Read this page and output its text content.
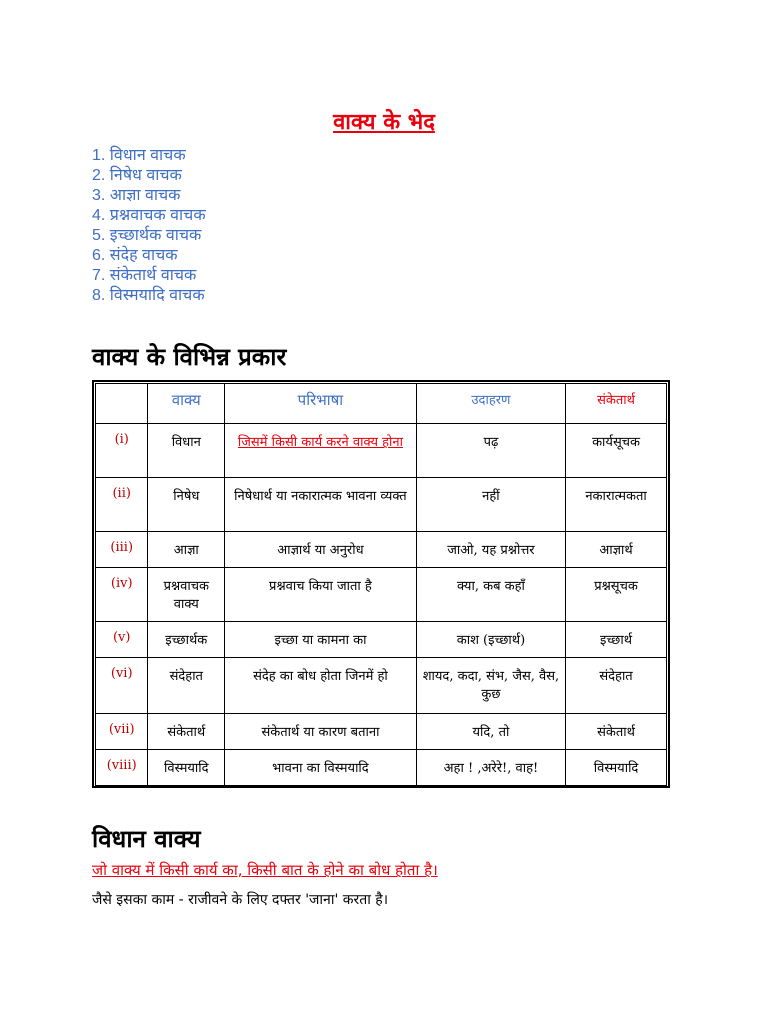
वाक्य के भेद
1. विधान वाचक
2. निषेध वाचक
3. आज्ञा वाचक
4. प्रश्नवाचक वाचक
5. इच्छार्थक वाचक
6. संदेह वाचक
7. संकेतार्थ वाचक
8. विस्मयादि वाचक
वाक्य के विभिन्न प्रकार
	वाक्य	परिभाषा	उदाहरण	संकेतार्थ
(i)	विधान	जिसमें किसी कार्य करने वाक्य होना	पढ़	कार्यसूचक
(ii)	निषेध	निषेधार्थ या नकारात्मक भावना व्यक्त	नहीं	नकारात्मकता
(iii)	आज्ञा	आज्ञार्थ या अनुरोध	जाओ, यह प्रश्नोत्तर	आज्ञार्थ
(iv)	प्रश्नवाचक वाक्य	प्रश्नवाच किया जाता है	क्या, कब कहाँ	प्रश्नसूचक
(v)	इच्छार्थक	इच्छा या कामना का	काश (इच्छार्थ)	इच्छार्थ
(vi)	संदेहात	संदेह का बोध होता जिनमें हो	शायद, कदा, संभ, जैस, वैस, कुछ	संदेहात
(vii)	संकेतार्थ	संकेतार्थ या कारण बताना	यदि, तो	संकेतार्थ
(viii)	विस्मयादि	भावना का विस्मयादि	अहा ! ,अरेरे!, वाह!	विस्मयादि
विधान वाक्य
जो वाक्य में किसी कार्य का, किसी बात के होने का बोध होता है।
जैसे इसका काम - राजीवने के लिए दफ्तर 'जाना' करता है।
